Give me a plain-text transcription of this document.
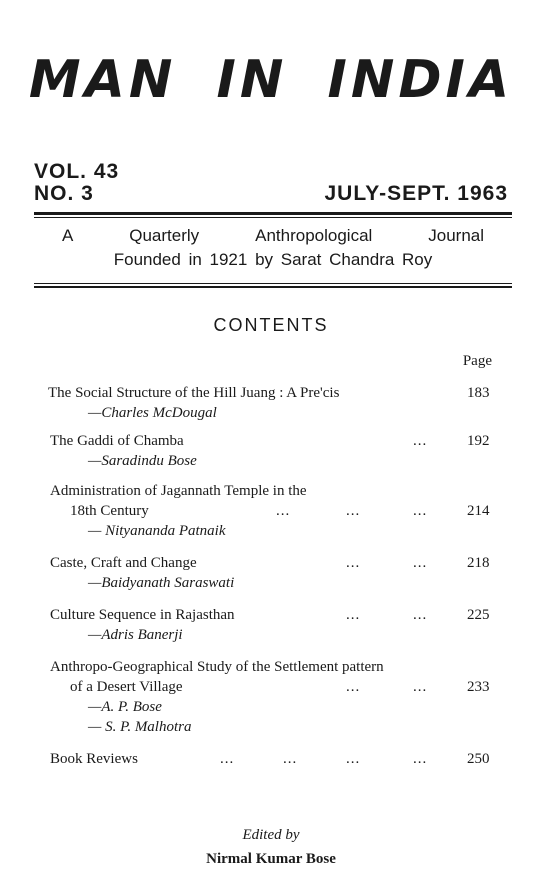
MAN IN INDIA
VOL. 43
NO. 3	JULY-SEPT. 1963
A	Quarterly	Anthropological	Journal
Founded in 1921 by Sarat Chandra Roy
CONTENTS
Page
The Social Structure of the Hill Juang : A Pre'cis	183
—Charles McDougal
The Gaddi of Chamba	...	192
—Saradindu Bose
Administration of Jagannath Temple in the
18th Century	...	...	...	214
— Nityananda Patnaik
Caste, Craft and Change	...	...	218
—Baidyanath Saraswati
Culture Sequence in Rajasthan	...	...	225
—Adris Banerji
Anthropo-Geographical Study of the Settlement pattern
of a Desert Village	...	...	233
—A. P. Bose
— S. P. Malhotra
Book Reviews	...	...	...	...	250
Edited by
Nirmal Kumar Bose
